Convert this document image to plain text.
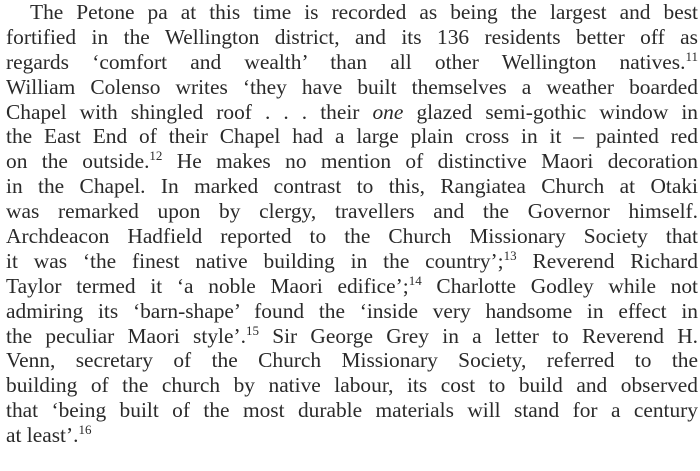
The Petone pa at this time is recorded as being the largest and best
fortified in the Wellington district, and its 136 residents better off as
regards ‘comfort and wealth’ than all other Wellington natives.$^{11}$
William Colenso writes ‘they have built themselves a weather boarded
Chapel with shingled roof . . . their one glazed semi-gothic window in
the East End of their Chapel had a large plain cross in it – painted red
on the outside.$^{12}$ He makes no mention of distinctive Maori decoration
in the Chapel. In marked contrast to this, Rangiatea Church at Otaki
was remarked upon by clergy, travellers and the Governor himself.
Archdeacon Hadfield reported to the Church Missionary Society that
it was ‘the finest native building in the country’;$^{13}$ Reverend Richard
Taylor termed it ‘a noble Maori edifice’;$^{14}$ Charlotte Godley while not
admiring its ‘barn-shape’ found the ‘inside very handsome in effect in
the peculiar Maori style’.$^{15}$ Sir George Grey in a letter to Reverend H.
Venn, secretary of the Church Missionary Society, referred to the
building of the church by native labour, its cost to build and observed
that ‘being built of the most durable materials will stand for a century
at least’.$^{16}$
